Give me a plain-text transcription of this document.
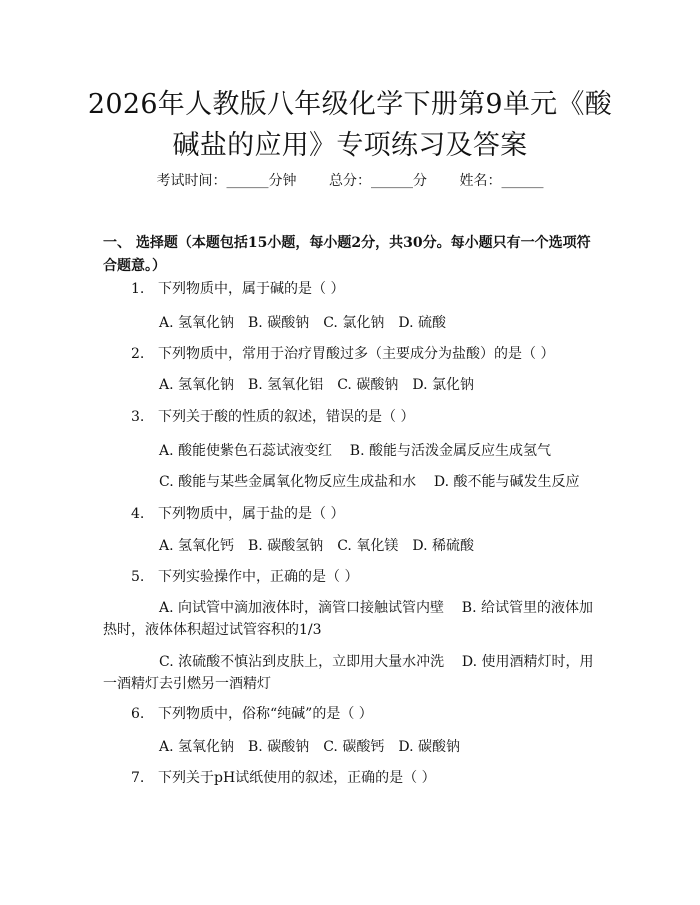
2026年人教版八年级化学下册第9单元《酸碱盐的应用》专项练习及答案
考试时间：______分钟 总分：______分 姓名：______
一、 选择题（本题包括15小题，每小题2分，共30分。每小题只有一个选项符合题意。）
1. 下列物质中，属于碱的是（ ）
A. 氢氧化钠 B. 碳酸钠 C. 氯化钠 D. 硫酸
2. 下列物质中，常用于治疗胃酸过多（主要成分为盐酸）的是（ ）
A. 氢氧化钠 B. 氢氧化铝 C. 碳酸钠 D. 氯化钠
3. 下列关于酸的性质的叙述，错误的是（ ）
A. 酸能使紫色石蕊试液变红    B. 酸能与活泼金属反应生成氢气
C. 酸能与某些金属氧化物反应生成盐和水    D. 酸不能与碱发生反应
4. 下列物质中，属于盐的是（ ）
A. 氢氧化钙 B. 碳酸氢钠 C. 氧化镁 D. 稀硫酸
5. 下列实验操作中，正确的是（ ）
A. 向试管中滴加液体时，滴管口接触试管内壁    B. 给试管里的液体加热时，液体体积超过试管容积的1/3
C. 浓硫酸不慎沾到皮肤上，立即用大量水冲洗    D. 使用酒精灯时，用一酒精灯去引燃另一酒精灯
6. 下列物质中，俗称“纯碱”的是（ ）
A. 氢氧化钠 B. 碳酸钠 C. 碳酸钙 D. 碳酸钠
7. 下列关于pH试纸使用的叙述，正确的是（ ）
